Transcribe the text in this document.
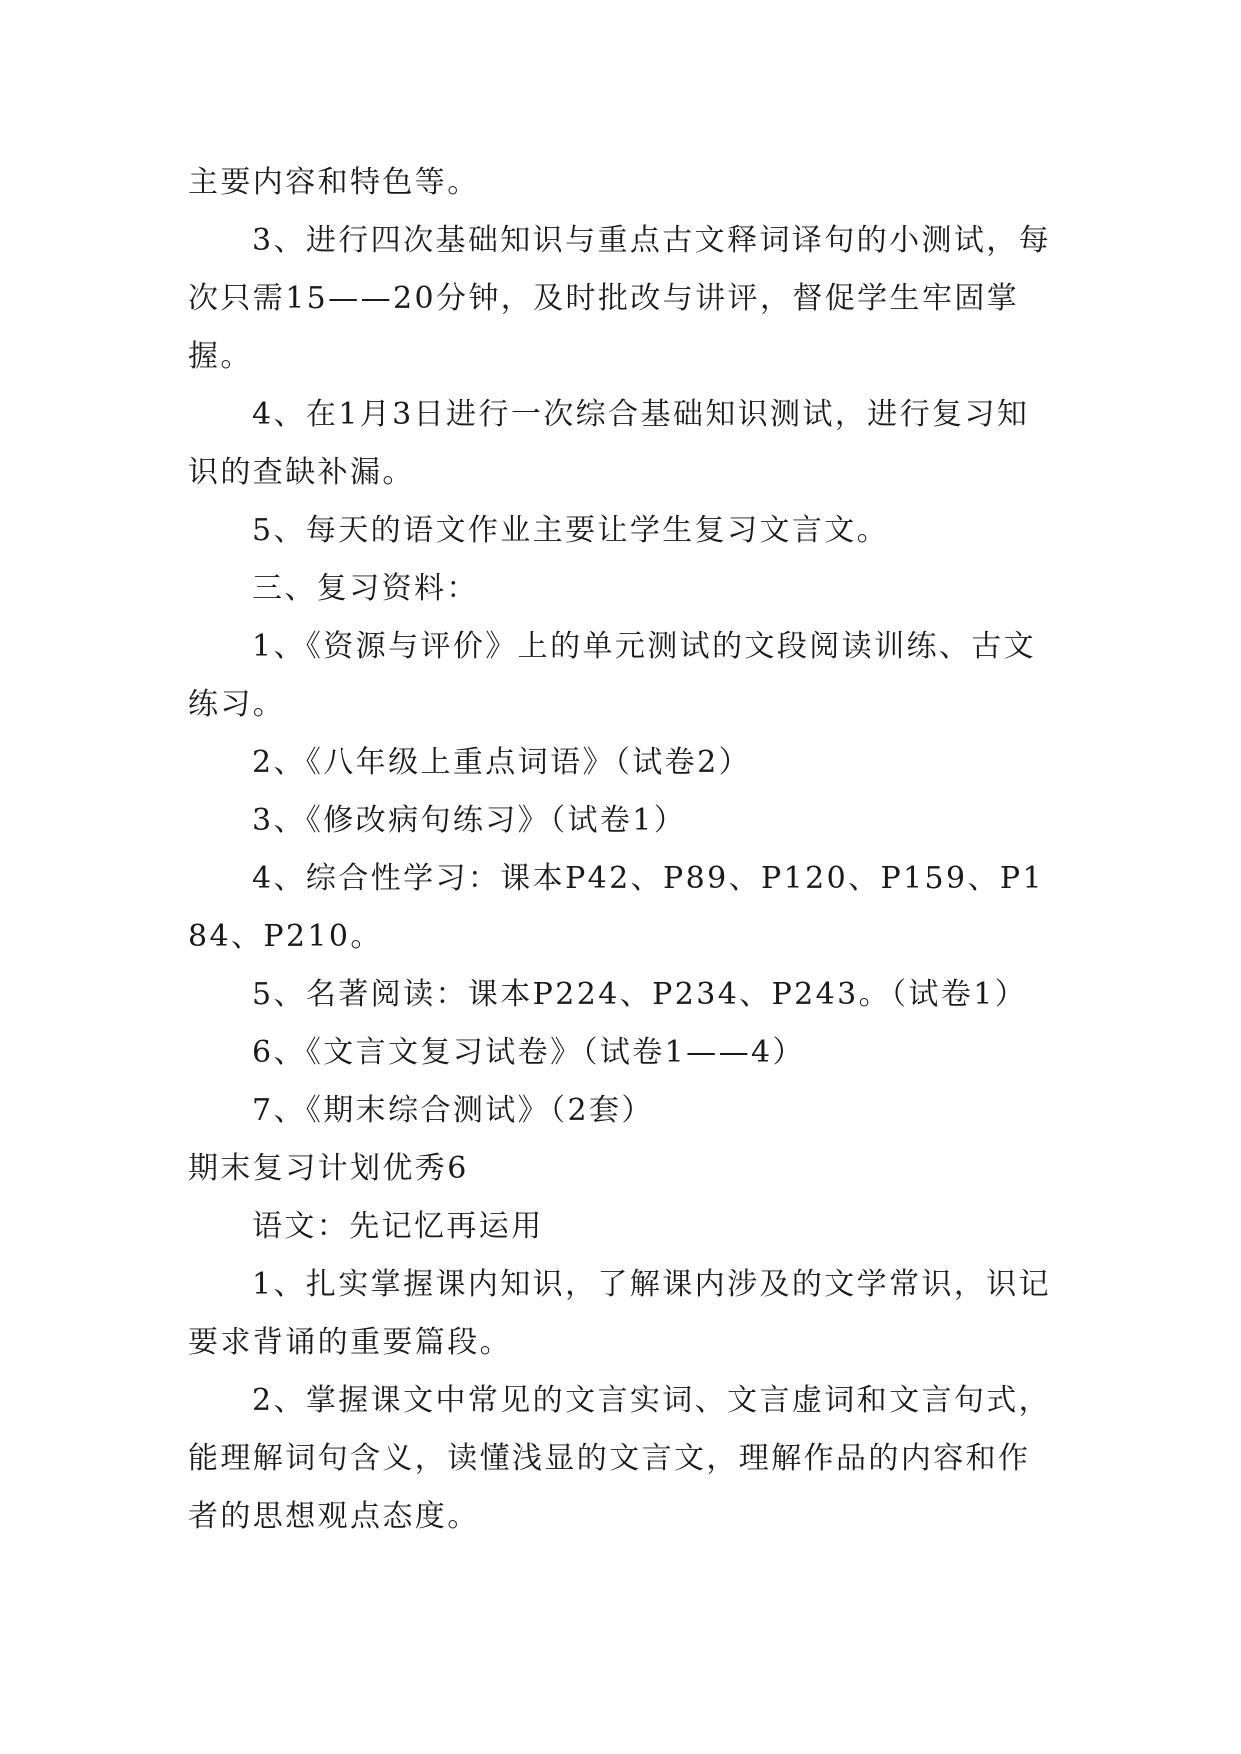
主要内容和特色等。

3、进行四次基础知识与重点古文释词译句的小测试，每次只需15——20分钟，及时批改与讲评，督促学生牢固掌握。

4、在1月3日进行一次综合基础知识测试，进行复习知识的查缺补漏。

5、每天的语文作业主要让学生复习文言文。

三、复习资料：

1、《资源与评价》上的单元测试的文段阅读训练、古文练习。

2、《八年级上重点词语》（试卷2）

3、《修改病句练习》（试卷1）

4、综合性学习：课本P42、P89、P120、P159、P184、P210。

5、名著阅读：课本P224、P234、P243。（试卷1）

6、《文言文复习试卷》（试卷1——4）

7、《期末综合测试》（2套）

期末复习计划优秀6

语文：先记忆再运用

1、扎实掌握课内知识，了解课内涉及的文学常识，识记要求背诵的重要篇段。

2、掌握课文中常见的文言实词、文言虚词和文言句式，能理解词句含义，读懂浅显的文言文，理解作品的内容和作者的思想观点态度。
